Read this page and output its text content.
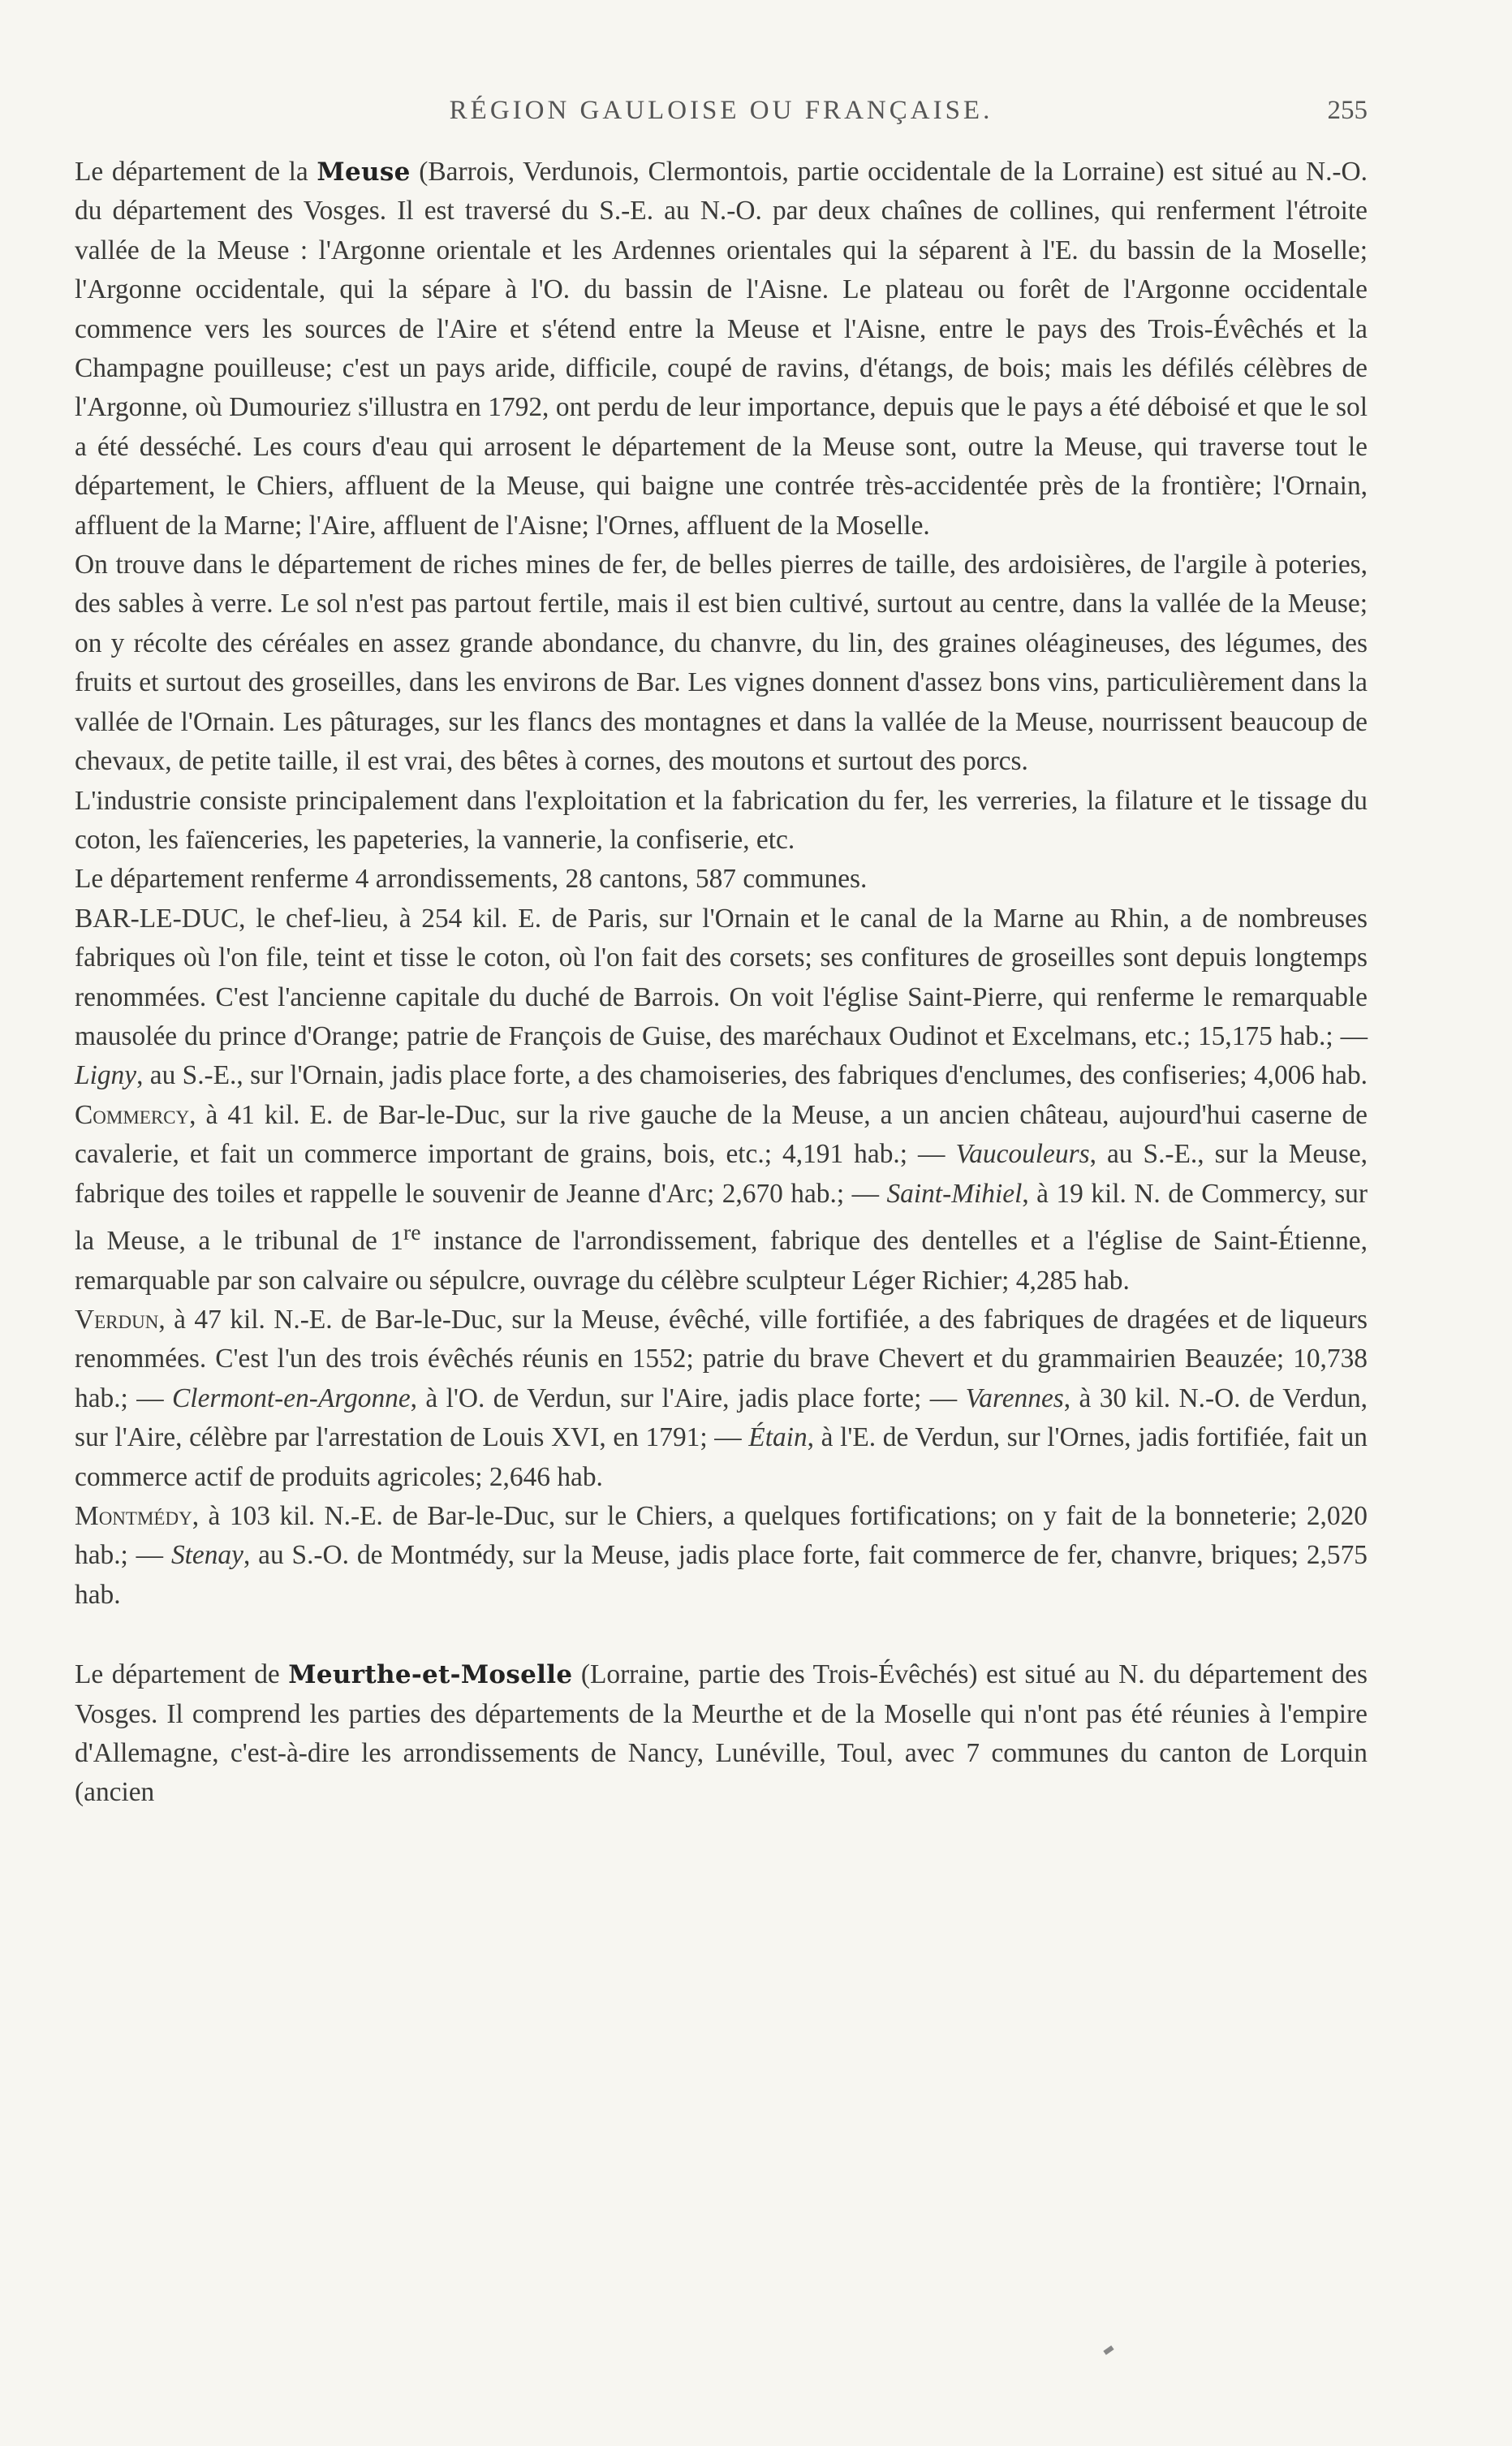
RÉGION GAULOISE OU FRANÇAISE.	255

Le département de la Meuse (Barrois, Verdunois, Clermontois, partie occidentale de la Lorraine) est situé au N.-O. du département des Vosges. Il est traversé du S.-E. au N.-O. par deux chaînes de collines, qui renferment l'étroite vallée de la Meuse : l'Argonne orientale et les Ardennes orientales qui la séparent à l'E. du bassin de la Moselle; l'Argonne occidentale, qui la sépare à l'O. du bassin de l'Aisne. Le plateau ou forêt de l'Argonne occidentale commence vers les sources de l'Aire et s'étend entre la Meuse et l'Aisne, entre le pays des Trois-Évêchés et la Champagne pouilleuse; c'est un pays aride, difficile, coupé de ravins, d'étangs, de bois; mais les défilés célèbres de l'Argonne, où Dumouriez s'illustra en 1792, ont perdu de leur importance, depuis que le pays a été déboisé et que le sol a été desséché. Les cours d'eau qui arrosent le département de la Meuse sont, outre la Meuse, qui traverse tout le département, le Chiers, affluent de la Meuse, qui baigne une contrée très-accidentée près de la frontière; l'Ornain, affluent de la Marne; l'Aire, affluent de l'Aisne; l'Ornes, affluent de la Moselle.

On trouve dans le département de riches mines de fer, de belles pierres de taille, des ardoisières, de l'argile à poteries, des sables à verre. Le sol n'est pas partout fertile, mais il est bien cultivé, surtout au centre, dans la vallée de la Meuse; on y récolte des céréales en assez grande abondance, du chanvre, du lin, des graines oléagineuses, des légumes, des fruits et surtout des groseilles, dans les environs de Bar. Les vignes donnent d'assez bons vins, particulièrement dans la vallée de l'Ornain. Les pâturages, sur les flancs des montagnes et dans la vallée de la Meuse, nourrissent beaucoup de chevaux, de petite taille, il est vrai, des bêtes à cornes, des moutons et surtout des porcs.

L'industrie consiste principalement dans l'exploitation et la fabrication du fer, les verreries, la filature et le tissage du coton, les faïenceries, les papeteries, la vannerie, la confiserie, etc.

Le département renferme 4 arrondissements, 28 cantons, 587 communes.

BAR-LE-DUC, le chef-lieu, à 254 kil. E. de Paris, sur l'Ornain et le canal de la Marne au Rhin, a de nombreuses fabriques où l'on file, teint et tisse le coton, où l'on fait des corsets; ses confitures de groseilles sont depuis longtemps renommées. C'est l'ancienne capitale du duché de Barrois. On voit l'église Saint-Pierre, qui renferme le remarquable mausolée du prince d'Orange; patrie de François de Guise, des maréchaux Oudinot et Excelmans, etc.; 15,175 hab.; — Ligny, au S.-E., sur l'Ornain, jadis place forte, a des chamoiseries, des fabriques d'enclumes, des confiseries; 4,006 hab.

Commercy, à 41 kil. E. de Bar-le-Duc, sur la rive gauche de la Meuse, a un ancien château, aujourd'hui caserne de cavalerie, et fait un commerce important de grains, bois, etc.; 4,191 hab.; — Vaucouleurs, au S.-E., sur la Meuse, fabrique des toiles et rappelle le souvenir de Jeanne d'Arc; 2,670 hab.; — Saint-Mihiel, à 19 kil. N. de Commercy, sur la Meuse, a le tribunal de 1re instance de l'arrondissement, fabrique des dentelles et a l'église de Saint-Étienne, remarquable par son calvaire ou sépulcre, ouvrage du célèbre sculpteur Léger Richier; 4,285 hab.

Verdun, à 47 kil. N.-E. de Bar-le-Duc, sur la Meuse, évêché, ville fortifiée, a des fabriques de dragées et de liqueurs renommées. C'est l'un des trois évêchés réunis en 1552; patrie du brave Chevert et du grammairien Beauzée; 10,738 hab.; — Clermont-en-Argonne, à l'O. de Verdun, sur l'Aire, jadis place forte; — Varennes, à 30 kil. N.-O. de Verdun, sur l'Aire, célèbre par l'arrestation de Louis XVI, en 1791; — Étain, à l'E. de Verdun, sur l'Ornes, jadis fortifiée, fait un commerce actif de produits agricoles; 2,646 hab.

Montmédy, à 103 kil. N.-E. de Bar-le-Duc, sur le Chiers, a quelques fortifications; on y fait de la bonneterie; 2,020 hab.; — Stenay, au S.-O. de Montmédy, sur la Meuse, jadis place forte, fait commerce de fer, chanvre, briques; 2,575 hab.

Le département de Meurthe-et-Moselle (Lorraine, partie des Trois-Évêchés) est situé au N. du département des Vosges. Il comprend les parties des départements de la Meurthe et de la Moselle qui n'ont pas été réunies à l'empire d'Allemagne, c'est-à-dire les arrondissements de Nancy, Lunéville, Toul, avec 7 communes du canton de Lorquin (ancien
